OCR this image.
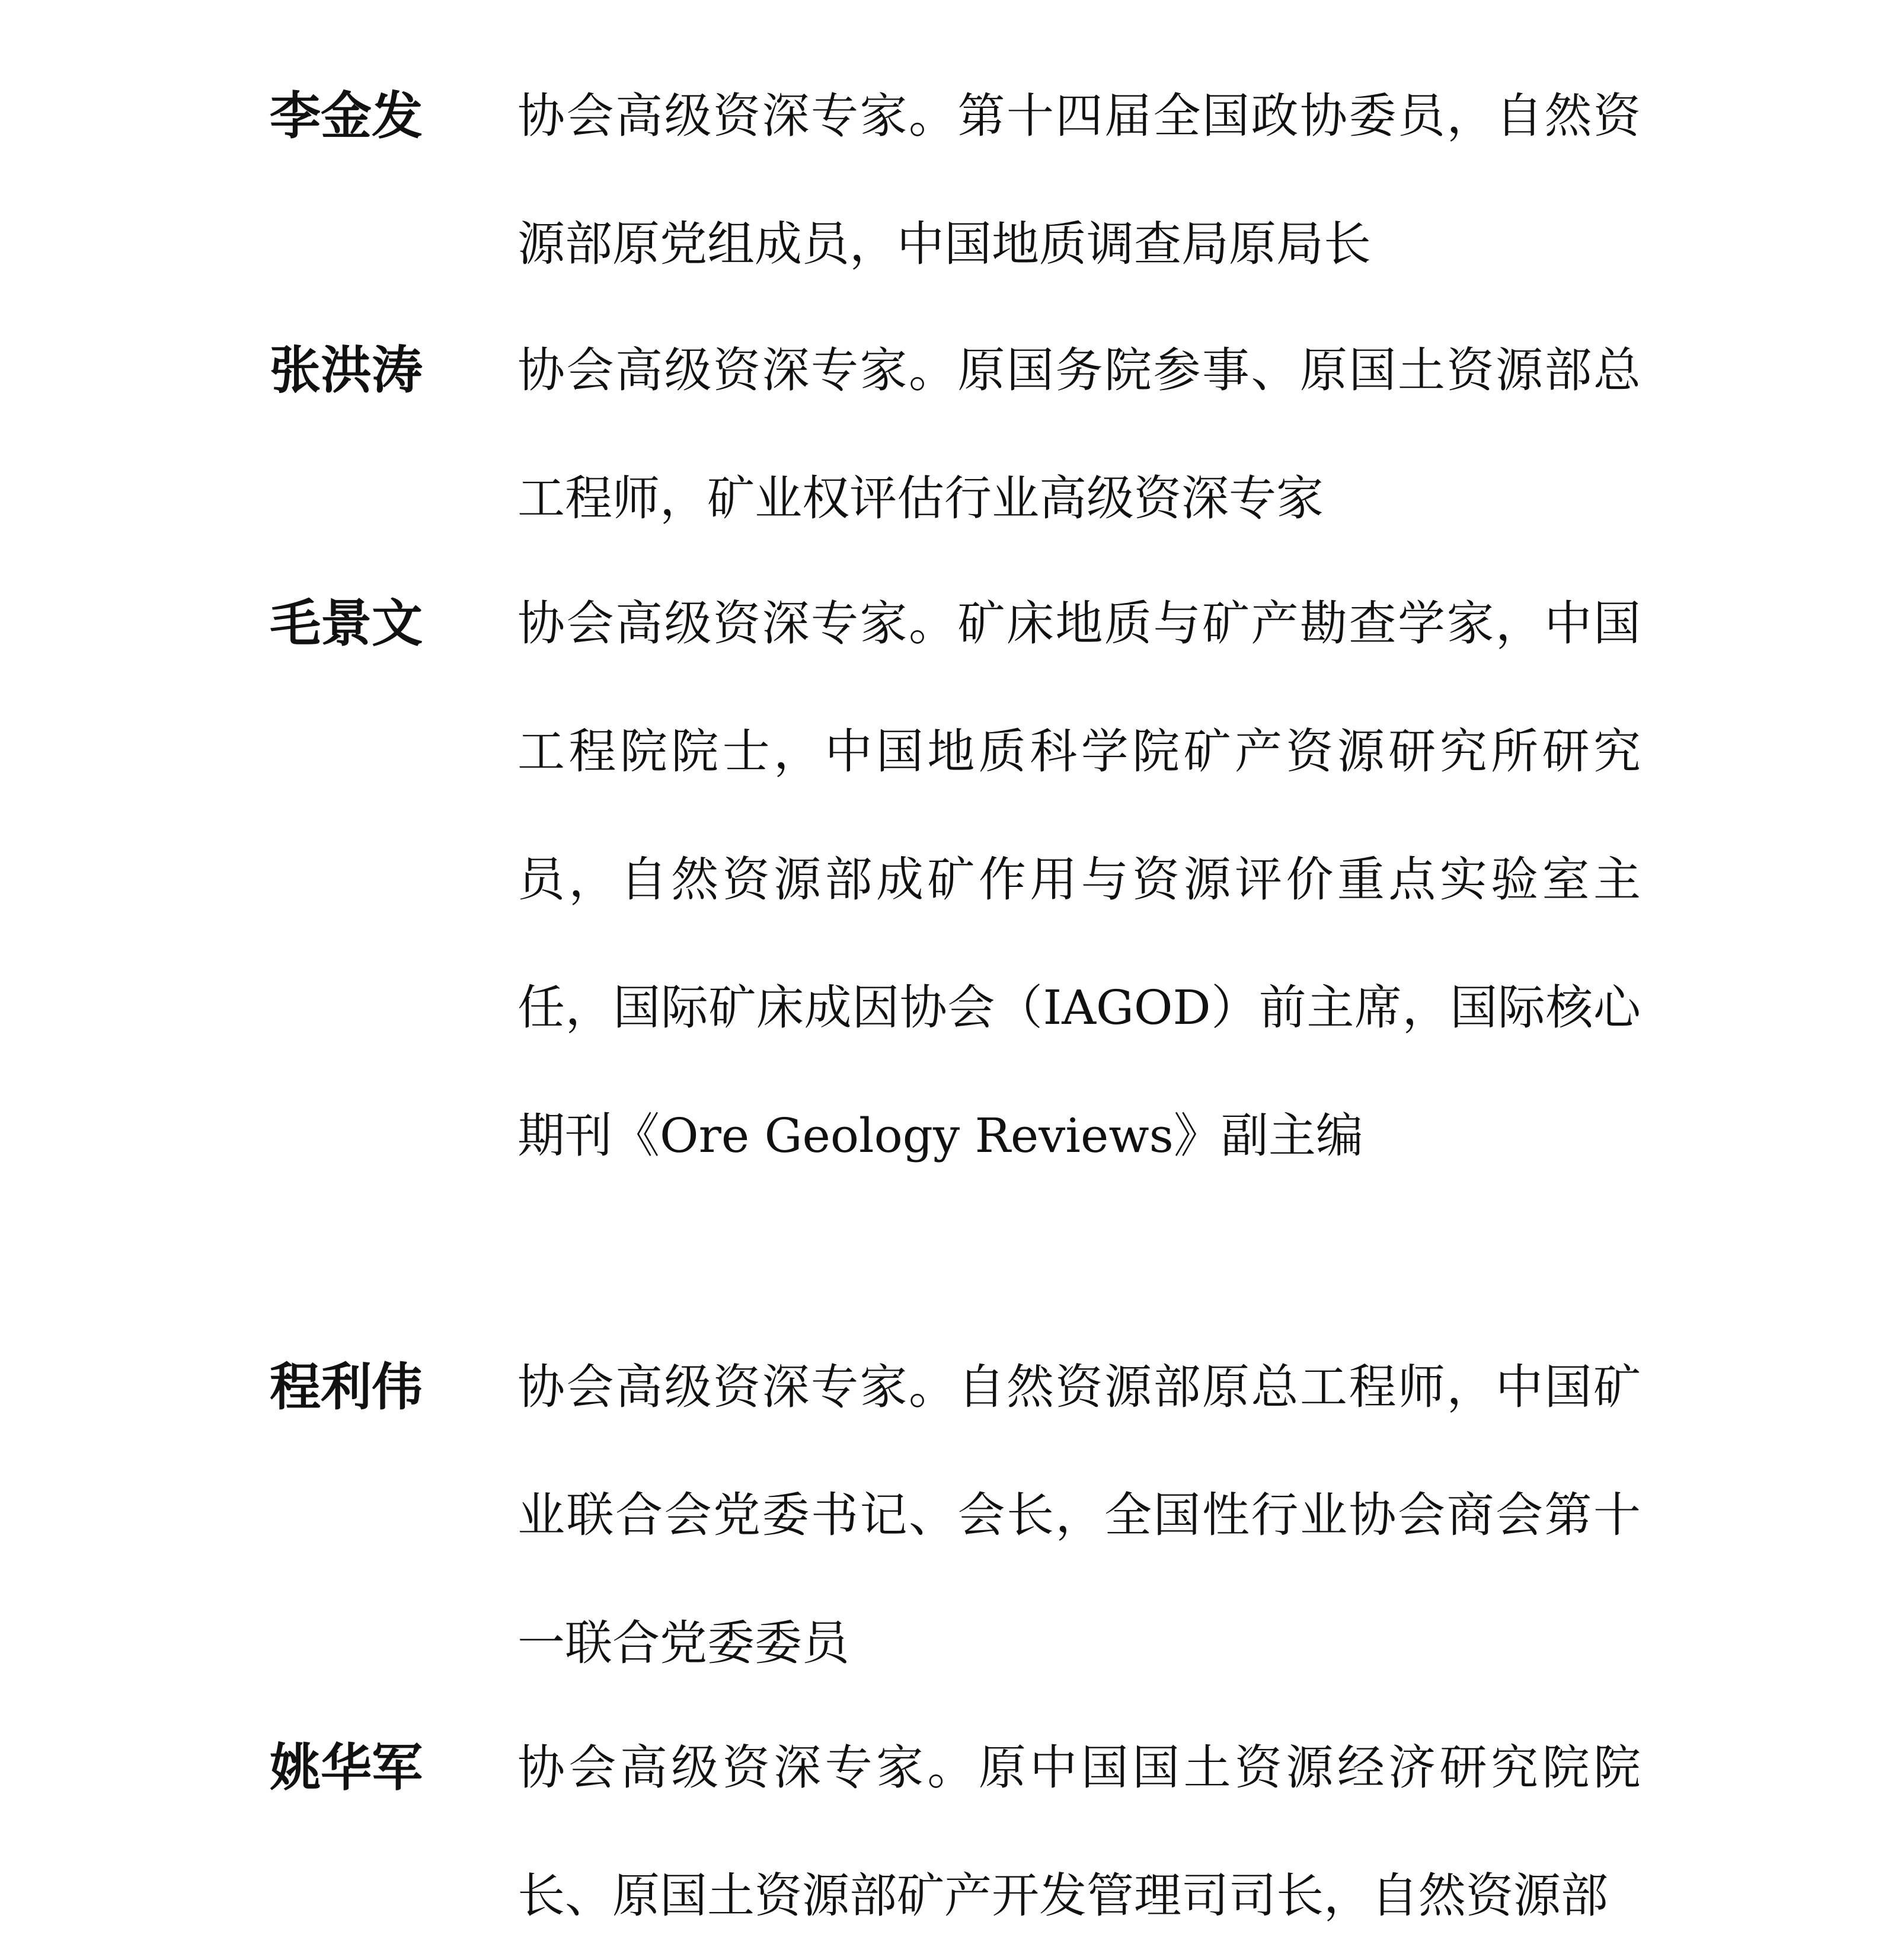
李金发 协会高级资深专家。第十四届全国政协委员，自然资源部原党组成员，中国地质调查局原局长
张洪涛 协会高级资深专家。原国务院参事、原国土资源部总工程师，矿业权评估行业高级资深专家
毛景文 协会高级资深专家。矿床地质与矿产勘查学家，中国工程院院士，中国地质科学院矿产资源研究所研究员，自然资源部成矿作用与资源评价重点实验室主任，国际矿床成因协会（IAGOD）前主席，国际核心期刊《Ore Geology Reviews》副主编
程利伟 协会高级资深专家。自然资源部原总工程师，中国矿业联合会党委书记、会长，全国性行业协会商会第十一联合党委委员
姚华军 协会高级资深专家。原中国国土资源经济研究院院长、原国土资源部矿产开发管理司司长，自然资源部
